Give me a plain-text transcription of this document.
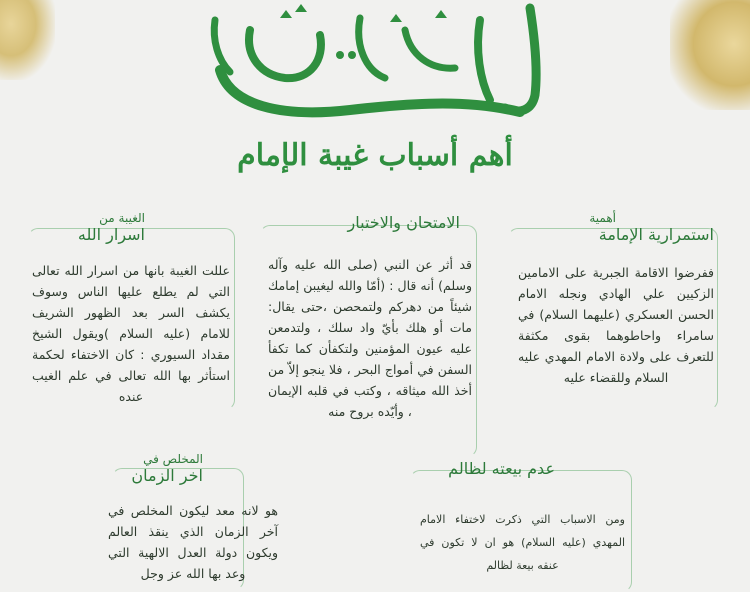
أهم أسباب غيبة الإمام
أهمية
استمرارية الإمامة
ففرضوا الاقامة الجبرية على الامامين الزكيين علي الهادي ونجله الامام الحسن العسكري (عليهما السلام) في سامراء واحاطوهما بقوى مكثفة للتعرف على ولادة الامام المهدي عليه السلام وللقضاء عليه
الامتحان والاختبار
قد أثر عن النبي (صلى الله عليه وآله وسلم) أنه قال : (أمّا والله ليغيبن إمامك شيئاً من دهركم ولتمحصن ،حتى يقال: مات أو هلك بأيّ واد سلك ، ولتدمعن عليه عيون المؤمنين ولتكفأن كما تكفأ السفن في أمواج البحر ، فلا ينجو إلاّ من أخذ الله ميثاقه ، وكتب في قلبه الإيمان ، وأيّده بروح منه
الغيبة من
اسرار الله
عللت الغيبة بانها من اسرار الله تعالى التي لم يطلع عليها الناس وسوف يكشف السر بعد الظهور الشريف للامام (عليه السلام )ويقول الشيخ مقداد السيوري : كان الاختفاء لحكمة استأثر بها الله تعالى في علم الغيب عنده
عدم بيعته لظالم
ومن الاسباب التي ذكرت لاختفاء الامام المهدي (عليه السلام) هو ان لا تكون في عنقه بيعة لظالم
المخلص في
اخر الزمان
هو لانه معد ليكون المخلص في آخر الزمان الذي ينقذ العالم ويكون دولة العدل الالهية التي وعد بها الله عز وجل
